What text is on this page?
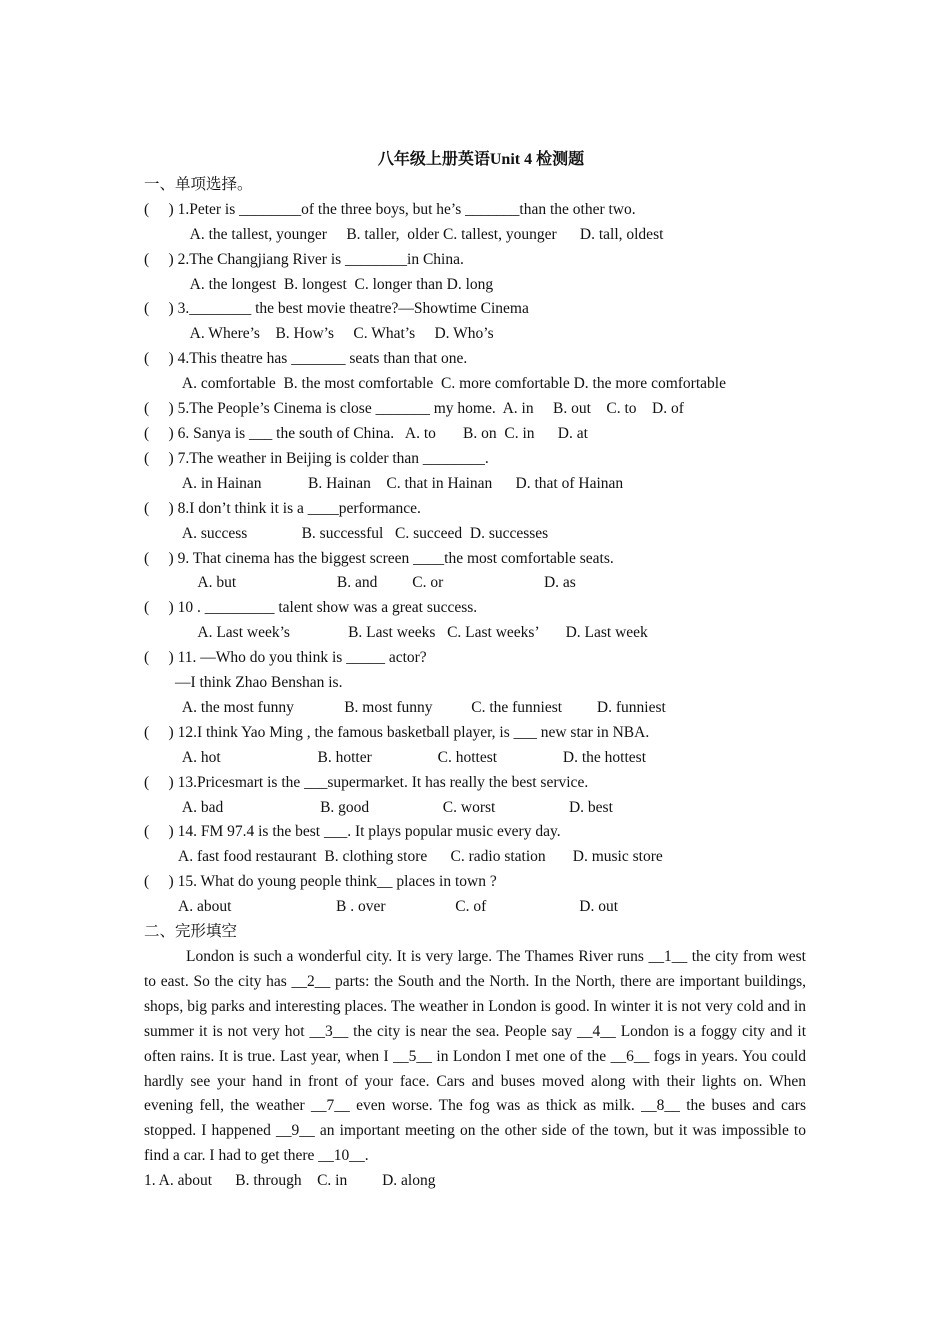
八年级上册英语Unit 4 检测题
一、单项选择。
(     ) 1.Peter is ________of the three boys, but he’s _______than the other two.
A. the tallest, younger     B. taller,  older C. tallest, younger      D. tall, oldest
(     ) 2.The Changjiang River is ________in China.
A. the longest  B. longest  C. longer than D. long
(     ) 3.________ the best movie theatre?—Showtime Cinema
A. Where’s    B. How’s     C. What’s     D. Who’s
(     ) 4.This theatre has _______ seats than that one.
A. comfortable  B. the most comfortable  C. more comfortable D. the more comfortable
(     ) 5.The People’s Cinema is close _______ my home.  A. in     B. out    C. to    D. of
(     ) 6. Sanya is ___ the south of China.   A. to       B. on  C. in      D. at
(     ) 7.The weather in Beijing is colder than ________.
A. in Hainan            B. Hainan    C. that in Hainan      D. that of Hainan
(     ) 8.I don’t think it is a ____performance.
A. success              B. successful   C. succeed  D. successes
(     ) 9. That cinema has the biggest screen ____the most comfortable seats.
A. but                          B. and         C. or                          D. as
(     ) 10 . _________ talent show was a great success.
A. Last week’s               B. Last weeks   C. Last weeks’       D. Last week
(     ) 11. —Who do you think is _____ actor?
—I think Zhao Benshan is.
A. the most funny             B. most funny          C. the funniest         D. funniest
(     ) 12.I think Yao Ming , the famous basketball player, is ___ new star in NBA.
A. hot                         B. hotter                 C. hottest                 D. the hottest
(     ) 13.Pricesmart is the ___supermarket. It has really the best service.
A. bad                         B. good                   C. worst                   D. best
(     ) 14. FM 97.4 is the best ___. It plays popular music every day.
A. fast food restaurant  B. clothing store      C. radio station       D. music store
(     ) 15. What do young people think__ places in town ?
A. about                           B . over                  C. of                        D. out
二、完形填空
London is such a wonderful city. It is very large. The Thames River runs __1__ the city from west to east. So the city has __2__ parts: the South and the North. In the North, there are important buildings, shops, big parks and interesting places. The weather in London is good. In winter it is not very cold and in summer it is not very hot __3__ the city is near the sea. People say __4__ London is a foggy city and it often rains. It is true. Last year, when I __5__ in London I met one of the __6__ fogs in years. You could hardly see your hand in front of your face. Cars and buses moved along with their lights on. When evening fell, the weather __7__ even worse. The fog was as thick as milk. __8__ the buses and cars stopped. I happened __9__ an important meeting on the other side of the town, but it was impossible to find a car. I had to get there __10__.
1. A. about      B. through    C. in         D. along
